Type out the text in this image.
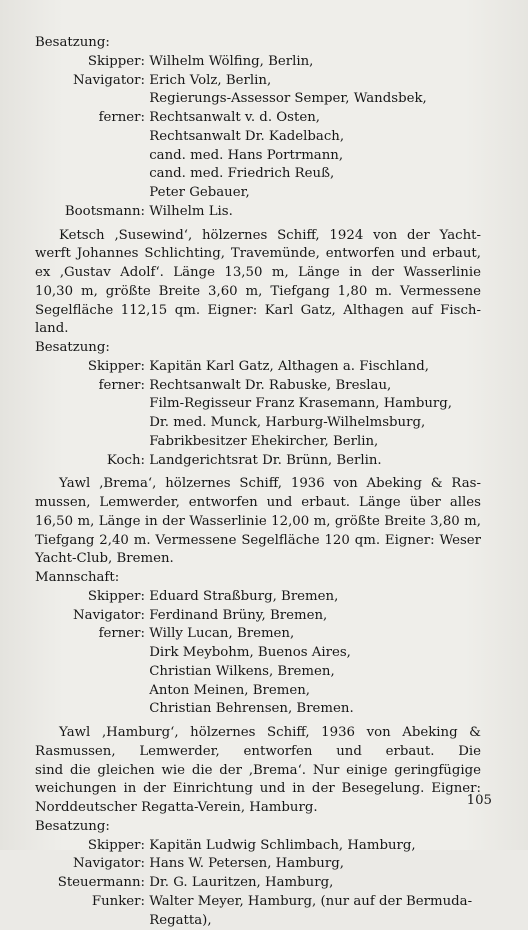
Besatzung:
Skipper: Wilhelm Wölfing, Berlin,
Navigator: Erich Volz, Berlin,
Regierungs-Assessor Semper, Wandsbek,
ferner: Rechtsanwalt v. d. Osten,
Rechtsanwalt Dr. Kadelbach,
cand. med. Hans Portrmann,
cand. med. Friedrich Reuß,
Peter Gebauer,
Bootsmann: Wilhelm Lis.
Ketsch ‚Susewind‘, hölzernes Schiff, 1924 von der Yacht-
werft Johannes Schlichting, Travemünde, entworfen und erbaut,
ex ‚Gustav Adolf‘. Länge 13,50 m, Länge in der Wasserlinie
10,30 m, größte Breite 3,60 m, Tiefgang 1,80 m. Vermessene
Segelfläche 112,15 qm. Eigner: Karl Gatz, Althagen auf Fisch-
land.
Besatzung:
Skipper: Kapitän Karl Gatz, Althagen a. Fischland,
ferner: Rechtsanwalt Dr. Rabuske, Breslau,
Film-Regisseur Franz Krasemann, Hamburg,
Dr. med. Munck, Harburg-Wilhelmsburg,
Fabrikbesitzer Ehekircher, Berlin,
Koch: Landgerichtsrat Dr. Brünn, Berlin.
Yawl ‚Brema‘, hölzernes Schiff, 1936 von Abeking & Ras-
mussen, Lemwerder, entworfen und erbaut. Länge über alles
16,50 m, Länge in der Wasserlinie 12,00 m, größte Breite 3,80 m,
Tiefgang 2,40 m. Vermessene Segelfläche 120 qm. Eigner: Weser
Yacht-Club, Bremen.
Mannschaft:
Skipper: Eduard Straßburg, Bremen,
Navigator: Ferdinand Brüny, Bremen,
ferner: Willy Lucan, Bremen,
Dirk Meybohm, Buenos Aires,
Christian Wilkens, Bremen,
Anton Meinen, Bremen,
Christian Behrensen, Bremen.
Yawl ‚Hamburg‘, hölzernes Schiff, 1936 von Abeking &
Rasmussen, Lemwerder, entworfen und erbaut. Die
sind die gleichen wie die der ‚Brema‘. Nur einige geringfügige
weichungen in der Einrichtung und in der Besegelung. Eigner:
Norddeutscher Regatta-Verein, Hamburg.
Besatzung:
Skipper: Kapitän Ludwig Schlimbach, Hamburg,
Navigator: Hans W. Petersen, Hamburg,
Steuermann: Dr. G. Lauritzen, Hamburg,
Funker: Walter Meyer, Hamburg, (nur auf der Bermuda-
Regatta),
105
